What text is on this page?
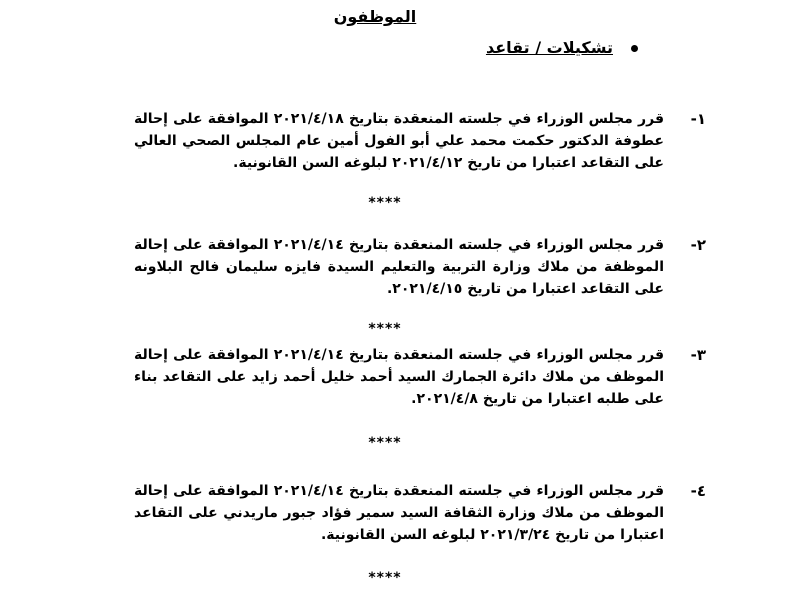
الموظفون
تشكيلات / تقاعد
١-
قرر مجلس الوزراء في جلسته المنعقدة بتاريخ ٢٠٢١/٤/١٨ الموافقة على إحالة عطوفة الدكتور حكمت محمد علي أبو الفول أمين عام المجلس الصحي العالي على التقاعد اعتبارا من تاريخ ٢٠٢١/٤/١٢ لبلوغه السن القانونية.
****
٢-
قرر مجلس الوزراء في جلسته المنعقدة بتاريخ ٢٠٢١/٤/١٤ الموافقة على إحالة الموظفة من ملاك وزارة التربية والتعليم السيدة فايزه سليمان فالح البلاونه على التقاعد اعتبارا من تاريخ ٢٠٢١/٤/١٥.
****
٣-
قرر مجلس الوزراء في جلسته المنعقدة بتاريخ ٢٠٢١/٤/١٤ الموافقة على إحالة الموظف من ملاك دائرة الجمارك السيد أحمد خليل أحمد زايد على التقاعد بناء على طلبه اعتبارا من تاريخ ٢٠٢١/٤/٨.
****
٤-
قرر مجلس الوزراء في جلسته المنعقدة بتاريخ ٢٠٢١/٤/١٤ الموافقة على إحالة الموظف من ملاك وزارة الثقافة السيد سمير فؤاد جبور ماريدني على التقاعد اعتبارا من تاريخ ٢٠٢١/٣/٢٤ لبلوغه السن القانونية.
****
